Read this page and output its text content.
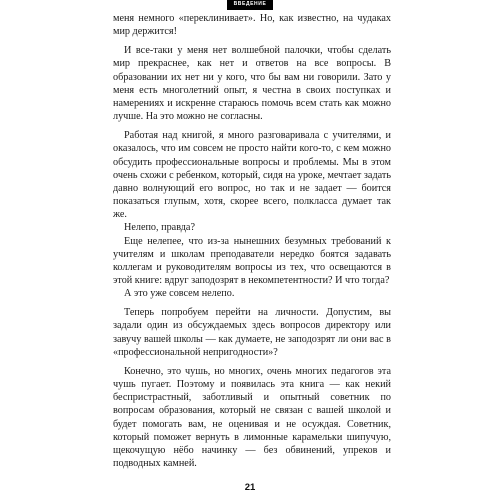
ВВЕДЕНИЕ

меня немного «переклинивает». Но, как известно, на чудаках мир держится!

И все-таки у меня нет волшебной палочки, чтобы сделать мир прекраснее, как нет и ответов на все вопросы. В образовании их нет ни у кого, что бы вам ни говорили. Зато у меня есть многолетний опыт, я честна в своих поступках и намерениях и искренне стараюсь помочь всем стать как можно лучше. На это можно не согласны.

Работая над книгой, я много разговаривала с учителями, и оказалось, что им совсем не просто найти кого-то, с кем можно обсудить профессиональные вопросы и проблемы. Мы в этом очень схожи с ребенком, который, сидя на уроке, мечтает задать давно волнующий его вопрос, но так и не задает — боится показаться глупым, хотя, скорее всего, полкласса думает так же.

Нелепо, правда?

Еще нелепее, что из-за нынешних безумных требований к учителям и школам преподаватели нередко боятся задавать коллегам и руководителям вопросы из тех, что освещаются в этой книге: вдруг заподозрят в некомпетентности? И что тогда?

А это уже совсем нелепо.

Теперь попробуем перейти на личности. Допустим, вы задали один из обсуждаемых здесь вопросов директору или завучу вашей школы — как думаете, не заподозрят ли они вас в «профессиональной непригодности»?

Конечно, это чушь, но многих, очень многих педагогов эта чушь пугает. Поэтому и появилась эта книга — как некий беспристрастный, заботливый и опытный советник по вопросам образования, который не связан с вашей школой и будет помогать вам, не оценивая и не осуждая. Советник, который поможет вернуть в лимонные карамельки шипучую, щекочущую нёбо начинку — без обвинений, упреков и подводных камней.

21
